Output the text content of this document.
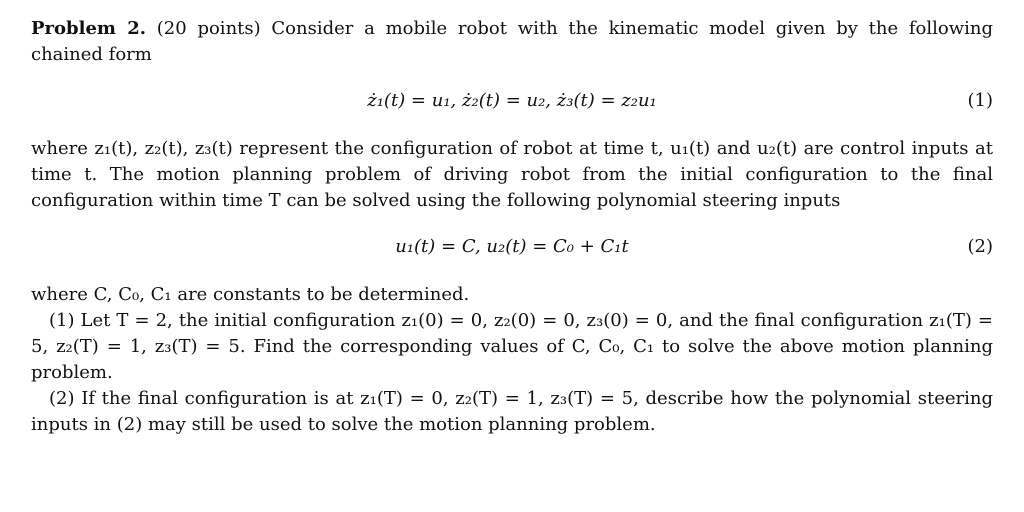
Problem 2. (20 points) Consider a mobile robot with the kinematic model given by the following chained form

ż₁(t) = u₁, ż₂(t) = u₂, ż₃(t) = z₂u₁	(1)

where z₁(t), z₂(t), z₃(t) represent the configuration of robot at time t, u₁(t) and u₂(t) are control inputs at time t. The motion planning problem of driving robot from the initial configuration to the final configuration within time T can be solved using the following polynomial steering inputs

u₁(t) = C, u₂(t) = C₀ + C₁t	(2)

where C, C₀, C₁ are constants to be determined.

(1) Let T = 2, the initial configuration z₁(0) = 0, z₂(0) = 0, z₃(0) = 0, and the final configuration z₁(T) = 5, z₂(T) = 1, z₃(T) = 5. Find the corresponding values of C, C₀, C₁ to solve the above motion planning problem.

(2) If the final configuration is at z₁(T) = 0, z₂(T) = 1, z₃(T) = 5, describe how the polynomial steering inputs in (2) may still be used to solve the motion planning problem.
